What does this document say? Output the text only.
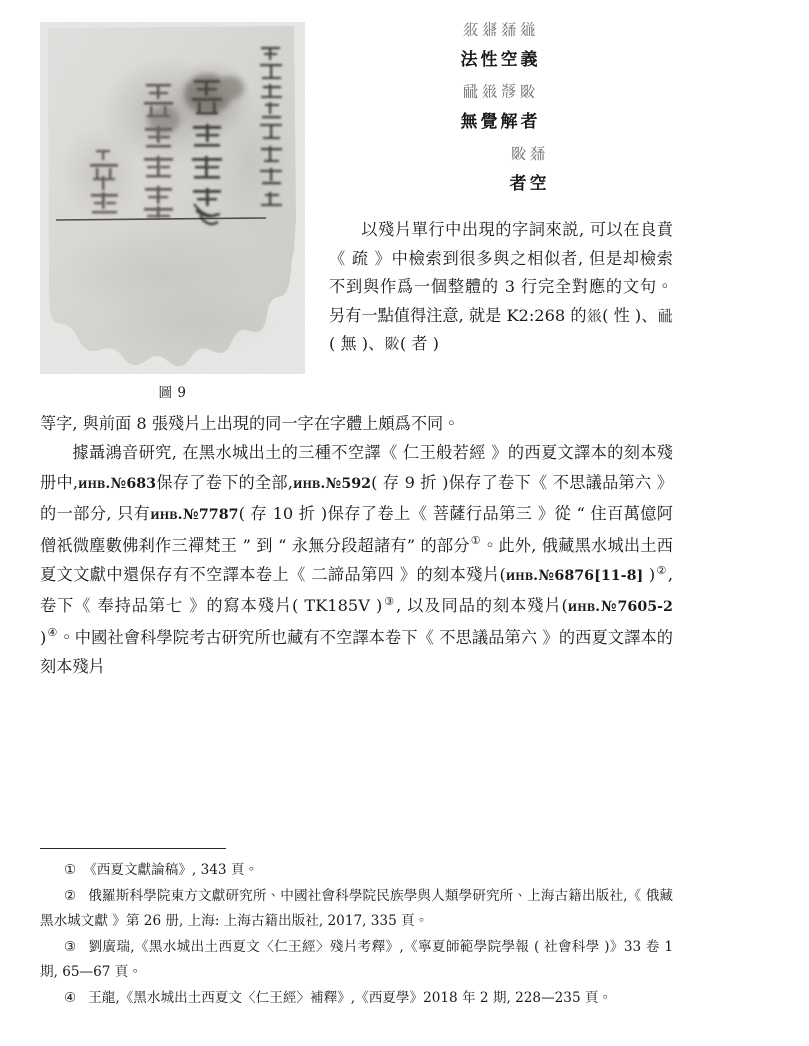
圖 9
𗼇𗤌𘀄𗥤
法性空義
𗟻𗤼𘃡𘉍
無覺解者
𘉍𘀄
者空
以殘片單行中出現的字詞來説, 可以在良賁《 疏 》中檢索到很多與之相似者, 但是却檢索不到與作爲一個整體的 3 行完全對應的文句。另有一點值得注意, 就是 K2:268 的𗤼( 性 )、𗟻( 無 )、𘉍( 者 )
等字, 與前面 8 張殘片上出現的同一字在字體上頗爲不同。
據聶鴻音研究, 在黑水城出土的三種不空譯《 仁王般若經 》的西夏文譯本的刻本殘册中,инв.№683保存了卷下的全部,инв.№592( 存 9 折 )保存了卷下《 不思議品第六 》的一部分, 只有инв.№7787( 存 10 折 )保存了卷上《 菩薩行品第三 》從 “ 住百萬億阿僧祇微塵數佛刹作三禪梵王 ” 到 “ 永無分段超諸有” 的部分①。此外, 俄藏黑水城出土西夏文文獻中還保存有不空譯本卷上《 二諦品第四 》的刻本殘片(инв.№6876[11-8] )②, 卷下《 奉持品第七 》的寫本殘片( TK185V )③, 以及同品的刻本殘片(инв.№7605-2 )④。中國社會科學院考古研究所也藏有不空譯本卷下《 不思議品第六 》的西夏文譯本的刻本殘片
① 《西夏文獻論稿》, 343 頁。
② 俄羅斯科學院東方文獻研究所、中國社會科學院民族學與人類學研究所、上海古籍出版社,《 俄藏黑水城文獻 》第 26 册, 上海: 上海古籍出版社, 2017, 335 頁。
③ 劉廣瑞,《黑水城出土西夏文〈仁王經〉殘片考釋》,《寧夏師範學院學報 ( 社會科學 )》33 卷 1 期, 65—67 頁。
④ 王龍,《黑水城出土西夏文〈仁王經〉補釋》,《西夏學》2018 年 2 期, 228—235 頁。
